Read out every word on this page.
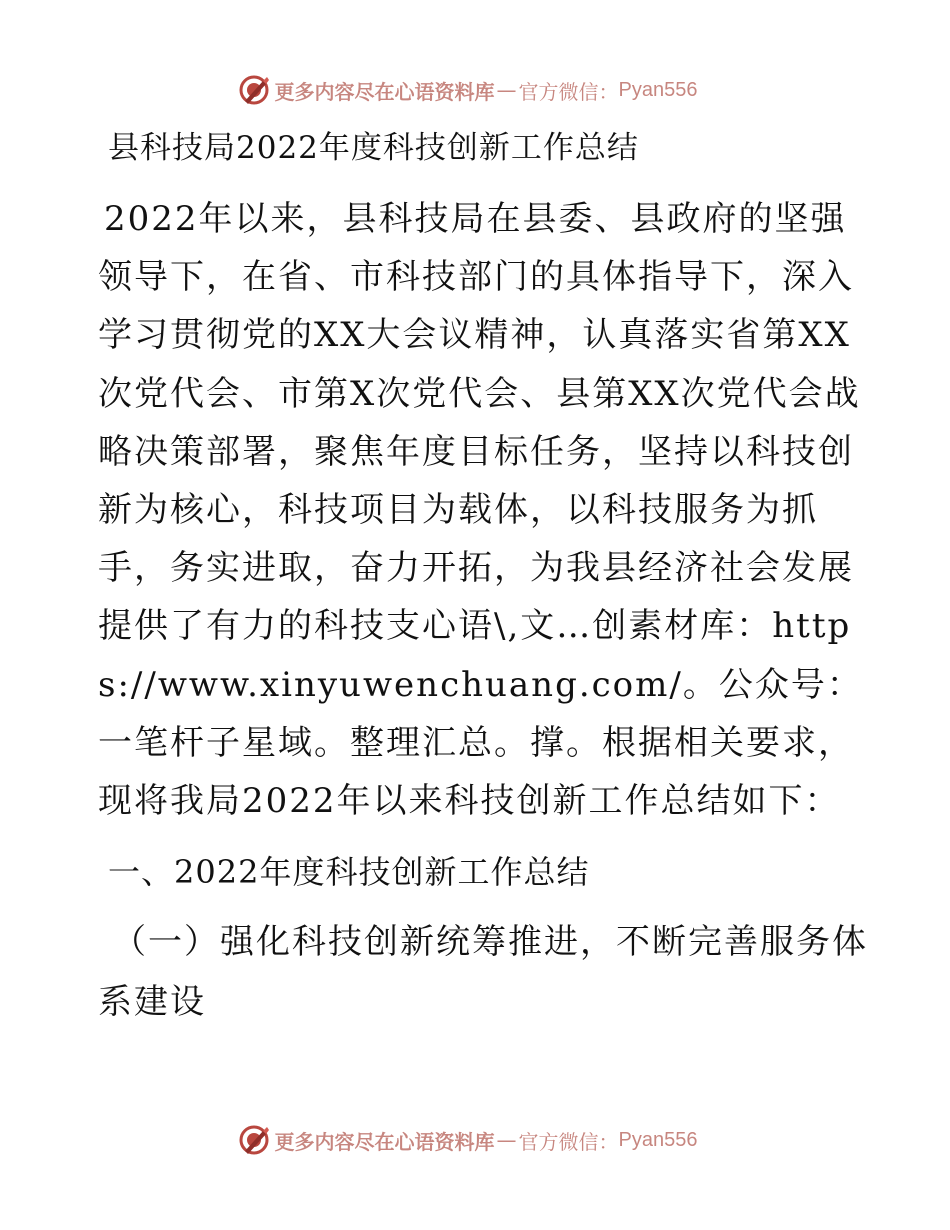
更多内容尽在心语资料库 — 官方微信： Pyan556
县科技局2022年度科技创新工作总结

2022年以来，县科技局在县委、县政府的坚强领导下，在省、市科技部门的具体指导下，深入学习贯彻党的XX大会议精神，认真落实省第XX次党代会、市第X次党代会、县第XX次党代会战略决策部署，聚焦年度目标任务，坚持以科技创新为核心，科技项目为载体，以科技服务为抓手，务实进取，奋力开拓，为我县经济社会发展提供了有力的科技支心语\,文…创素材库：https://www.xinyuwenchuang.com/。公众号：一笔杆子星域。整理汇总。撑。根据相关要求，现将我局2022年以来科技创新工作总结如下：

一、2022年度科技创新工作总结

（一）强化科技创新统筹推进，不断完善服务体系建设

更多内容尽在心语资料库 — 官方微信： Pyan556
